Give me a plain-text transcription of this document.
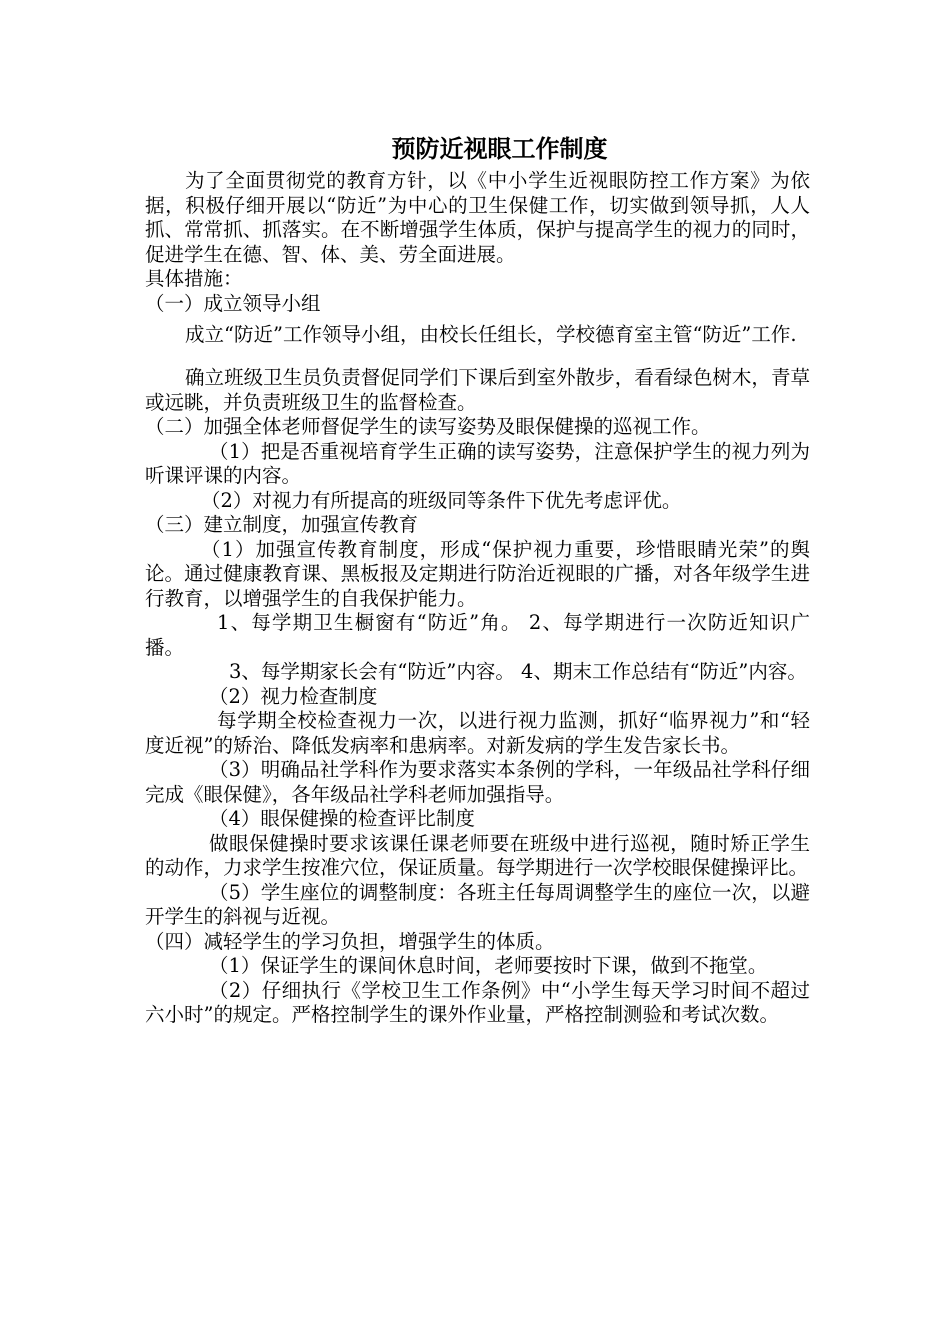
预防近视眼工作制度

为了全面贯彻党的教育方针，以《中小学生近视眼防控工作方案》为依据，积极仔细开展以“防近”为中心的卫生保健工作，切实做到领导抓，人人抓、常常抓、抓落实。在不断增强学生体质，保护与提高学生的视力的同时，促进学生在德、智、体、美、劳全面进展。

具体措施：

（一）成立领导小组

成立“防近”工作领导小组，由校长任组长，学校德育室主管“防近”工作.

确立班级卫生员负责督促同学们下课后到室外散步，看看绿色树木，青草或远眺，并负责班级卫生的监督检查。

（二）加强全体老师督促学生的读写姿势及眼保健操的巡视工作。

（1）把是否重视培育学生正确的读写姿势，注意保护学生的视力列为听课评课的内容。

（2）对视力有所提高的班级同等条件下优先考虑评优。

（三）建立制度，加强宣传教育

（1）加强宣传教育制度，形成“保护视力重要，珍惜眼睛光荣”的舆论。通过健康教育课、黑板报及定期进行防治近视眼的广播，对各年级学生进行教育，以增强学生的自我保护能力。

1、每学期卫生橱窗有“防近”角。 2、每学期进行一次防近知识广播。

3、每学期家长会有“防近”内容。 4、期末工作总结有“防近”内容。

（2）视力检查制度

每学期全校检查视力一次，以进行视力监测，抓好“临界视力”和“轻度近视”的矫治、降低发病率和患病率。对新发病的学生发告家长书。

（3）明确品社学科作为要求落实本条例的学科，一年级品社学科仔细完成《眼保健》，各年级品社学科老师加强指导。

（4）眼保健操的检查评比制度

做眼保健操时要求该课任课老师要在班级中进行巡视，随时矫正学生的动作，力求学生按准穴位，保证质量。每学期进行一次学校眼保健操评比。

（5）学生座位的调整制度：各班主任每周调整学生的座位一次，以避开学生的斜视与近视。

（四）减轻学生的学习负担，增强学生的体质。

（1）保证学生的课间休息时间，老师要按时下课，做到不拖堂。

（2）仔细执行《学校卫生工作条例》中“小学生每天学习时间不超过六小时”的规定。严格控制学生的课外作业量，严格控制测验和考试次数。
